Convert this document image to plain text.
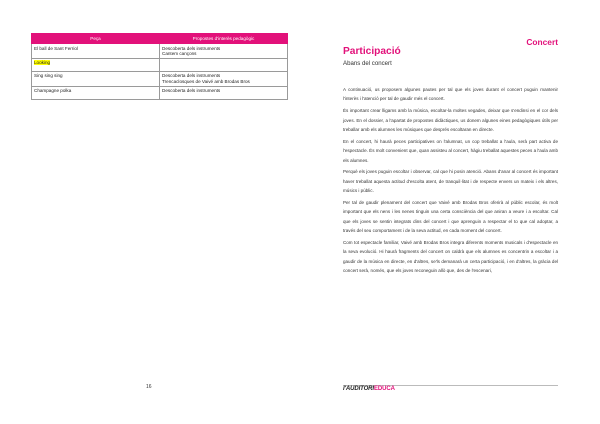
Peça	Propostes d'interès pedagògic
El ball de Sant Ferriol	Descoberta dels instruments
Cantem cançons
Looking	
Sing sing sing	Descoberta dels instruments
Trencaclosques de Vaivé amb Brodas Bros
Champagne polka	Descoberta dels instruments
16
Concert
Participació
Abans del concert

A continuació, us proposem algunes pautes per tal que els joves durant el concert puguin mantenir l'interès i l'atenció per tal de gaudir més el concert.

És important crear lligams amb la música, escoltar-la moltes vegades, deixar que s'endinsi en el cor dels joves. En el dossier, a l'apartat de propostes didàctiques, us donem algunes eines pedagògiques útils per treballar amb els alumnes les músiques que després escoltaran en directe.

En el concert, hi haurà peces participatives on l'alumnat, un cop treballat a l'aula, serà part activa de l'espectacle. És molt convenient que, quan assisteu al concert, hàgiu treballat aquestes peces a l'aula amb els alumnes.

Perquè els joves puguin escoltar i observar, cal que hi posin atenció. Abans d'anar al concert és important haver treballat aquesta actitud d'escolta atent, de tranquil·litat i de respecte envers un mateix i els altres, músics i públic.

Per tal de gaudir plenament del concert que Vaivé amb Brodas Bros oferirà al públic escolar, és molt important que els nens i les nenes tinguin una certa consciència del que aniran a veure i a escoltar. Cal que els joves se sentin integrats dins del concert i que aprenguin a respectar el to que cal adoptar, a través del seu comportament i de la seva actitud, en cada moment del concert.

Com tot espectacle familiar, Vaivé amb Brodas Bros integra diferents moments musicals i d'espectacle en la seva evolució. Hi haurà fragments del concert on caldrà que els alumnes es concentrin a escoltar i a gaudir de la música en directe, en d'altres, se'ls demanarà un certa participació, i en d'altres, la gràcia del concert serà, només, que els joves reconeguin allò que, des de l'escenari,

l'AUDITORIEDUCA
